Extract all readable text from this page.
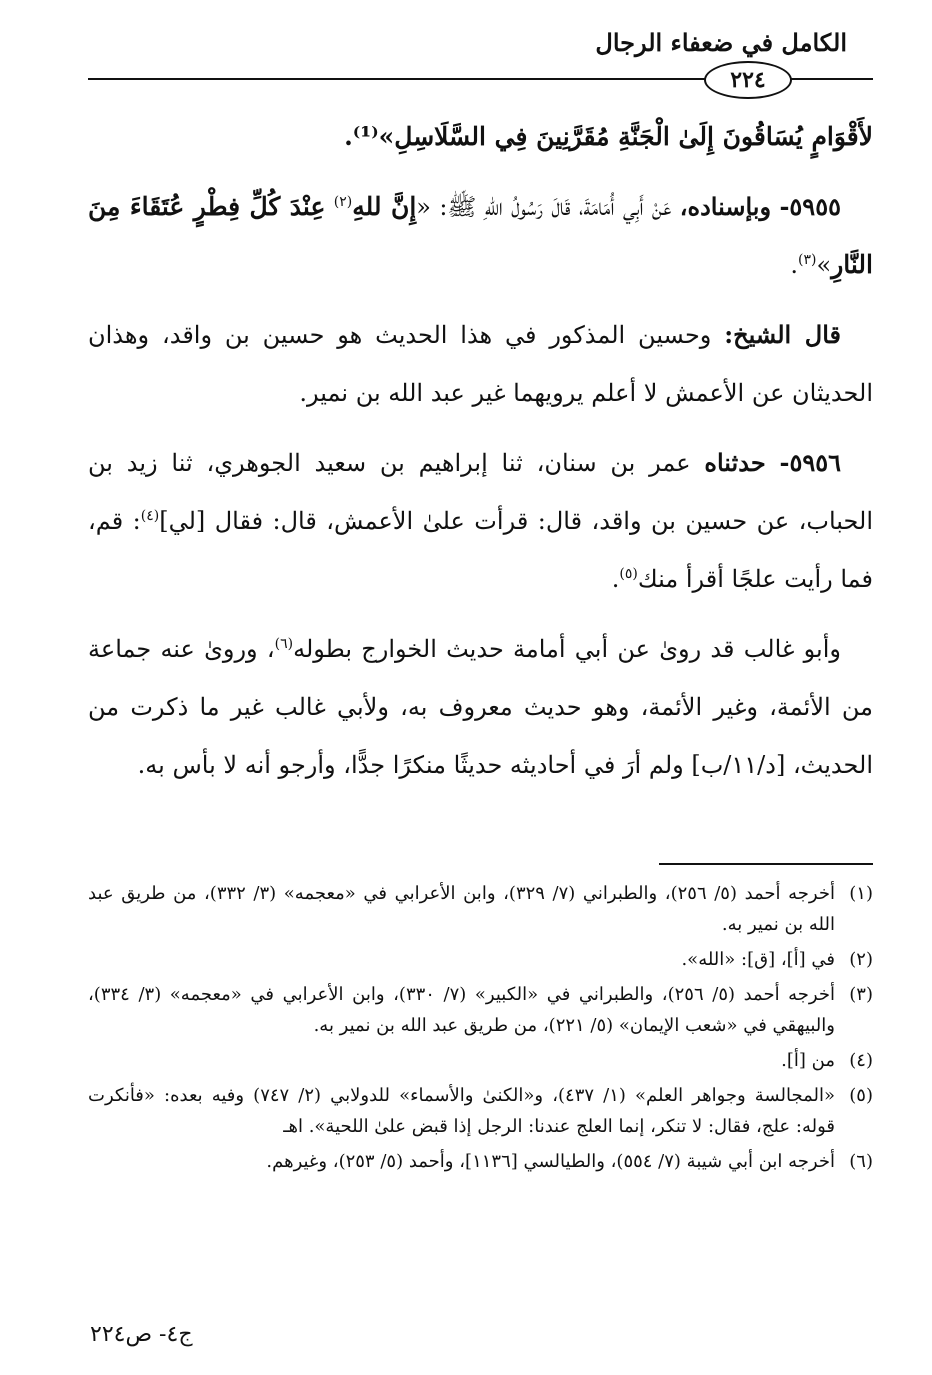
الكامل في ضعفاء الرجال
٢٢٤

لأَقْوَامٍ يُسَاقُونَ إِلَىٰ الْجَنَّةِ مُقَرَّنِينَ فِي السَّلَاسِلِ»⁽¹⁾.

٥٩٥٥- وبإسناده، عَنْ أَبِي أُمَامَةَ، قَالَ رَسُولُ اللهِ ﷺ: «إِنَّ للهِ$^{(٢)}$ عِنْدَ كُلِّ فِطْرٍ عُتَقَاءَ مِنَ النَّارِ»$^{(٣)}$.

قال الشيخ: وحسين المذكور في هذا الحديث هو حسين بن واقد، وهذان الحديثان عن الأعمش لا أعلم يرويهما غير عبد الله بن نمير.

٥٩٥٦- حدثناه عمر بن سنان، ثنا إبراهيم بن سعيد الجوهري، ثنا زيد بن الحباب، عن حسين بن واقد، قال: قرأت علىٰ الأعمش، قال: فقال [لي]$^{(٤)}$: قم، فما رأيت علجًا أقرأ منك$^{(٥)}$.

وأبو غالب قد روىٰ عن أبي أمامة حديث الخوارج بطوله$^{(٦)}$، وروىٰ عنه جماعة من الأئمة، وغير الأئمة، وهو حديث معروف به، ولأبي غالب غير ما ذكرت من الحديث، [د/١١/ب] ولم أرَ في أحاديثه حديثًا منكرًا جدًّا، وأرجو أنه لا بأس به.

(١)
أخرجه أحمد (٥/ ٢٥٦)، والطبراني (٧/ ٣٢٩)، وابن الأعرابي في «معجمه» (٣/ ٣٣٢)، من طريق عبد الله بن نمير به.
(٢)
في [أ]، [ق]: «الله».
(٣)
أخرجه أحمد (٥/ ٢٥٦)، والطبراني في «الكبير» (٧/ ٣٣٠)، وابن الأعرابي في «معجمه» (٣/ ٣٣٤)، والبيهقي في «شعب الإيمان» (٥/ ٢٢١)، من طريق عبد الله بن نمير به.
(٤)
من [أ].
(٥)
«المجالسة وجواهر العلم» (١/ ٤٣٧)، و«الكنىٰ والأسماء» للدولابي (٢/ ٧٤٧) وفيه بعده: «فأنكرت قوله: علج، فقال: لا تنكر، إنما العلج عندنا: الرجل إذا قبض علىٰ اللحية». اهـ
(٦)
أخرجه ابن أبي شيبة (٧/ ٥٥٤)، والطيالسي [١١٣٦]، وأحمد (٥/ ٢٥٣)، وغيرهم.
ج٤- ص٢٢٤
